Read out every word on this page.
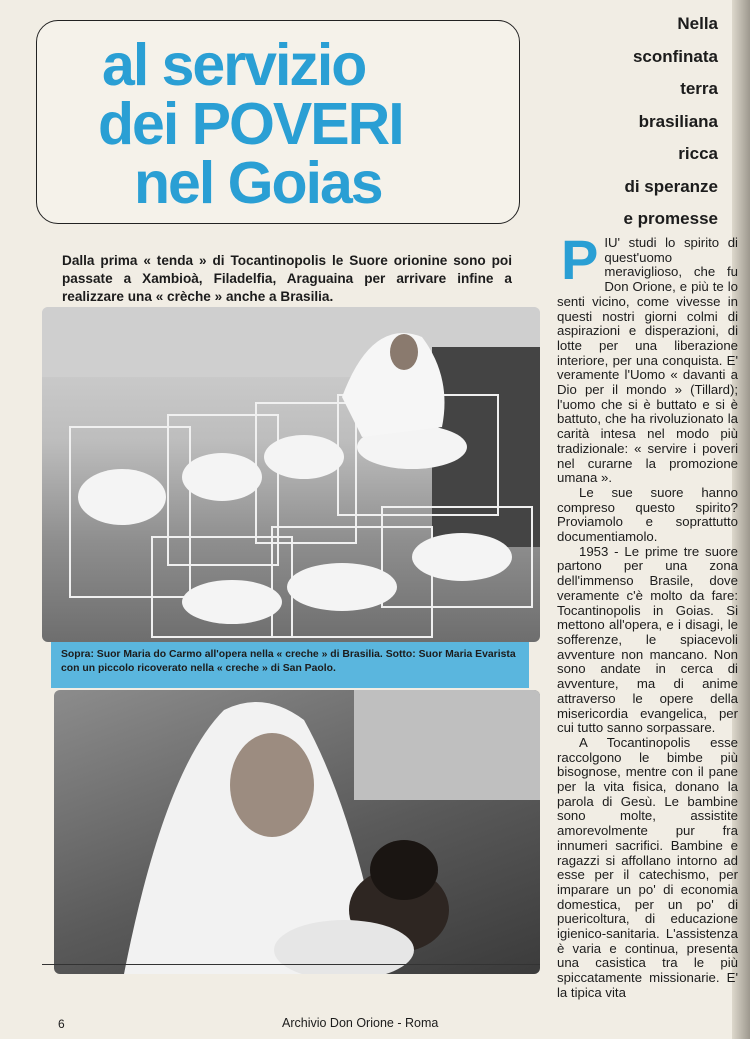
al servizio
dei POVERI
nel Goias
Nella
sconfinata
terra
brasiliana
ricca
di speranze
e promesse

Dalla prima « tenda » di Tocantinopolis le Suore orionine sono poi passate a Xambioà, Filadelfia, Araguaina per arrivare infine a realizzare una « crèche » anche a Brasilia.

Sopra: Suor Maria do Carmo all'opera nella « creche » di Brasilia. Sotto: Suor Maria Evarista con un piccolo ricoverato nella « creche » di San Paolo.

PIU' studi lo spirito di quest'uomo meraviglioso, che fu Don Orione, e più te lo senti vicino, come vivesse in questi nostri giorni colmi di aspirazioni e disperazioni, di lotte per una liberazione interiore, per una conquista. E' veramente l'Uomo « davanti a Dio per il mondo » (Tillard); l'uomo che si è buttato e si è battuto, che ha rivoluzionato la carità intesa nel modo più tradizionale: « servire i poveri nel curarne la promozione umana ».

Le sue suore hanno compreso questo spirito? Proviamolo e soprattutto documentiamolo.

1953 - Le prime tre suore partono per una zona dell'immenso Brasile, dove veramente c'è molto da fare: Tocantinopolis in Goias. Si mettono all'opera, e i disagi, le sofferenze, le spiacevoli avventure non mancano. Non sono andate in cerca di avventure, ma di anime attraverso le opere della misericordia evangelica, per cui tutto sanno sorpassare.

A Tocantinopolis esse raccolgono le bimbe più bisognose, mentre con il pane per la vita fisica, donano la parola di Gesù. Le bambine sono molte, assistite amorevolmente pur fra innumeri sacrifici. Bambine e ragazzi si affollano intorno ad esse per il catechismo, per imparare un po' di economia domestica, per un po' di puericoltura, di educazione igienico-sanitaria. L'assistenza è varia e continua, presenta una casistica tra le più spiccatamente missionarie. E' la tipica vita

6	Archivio Don Orione - Roma
